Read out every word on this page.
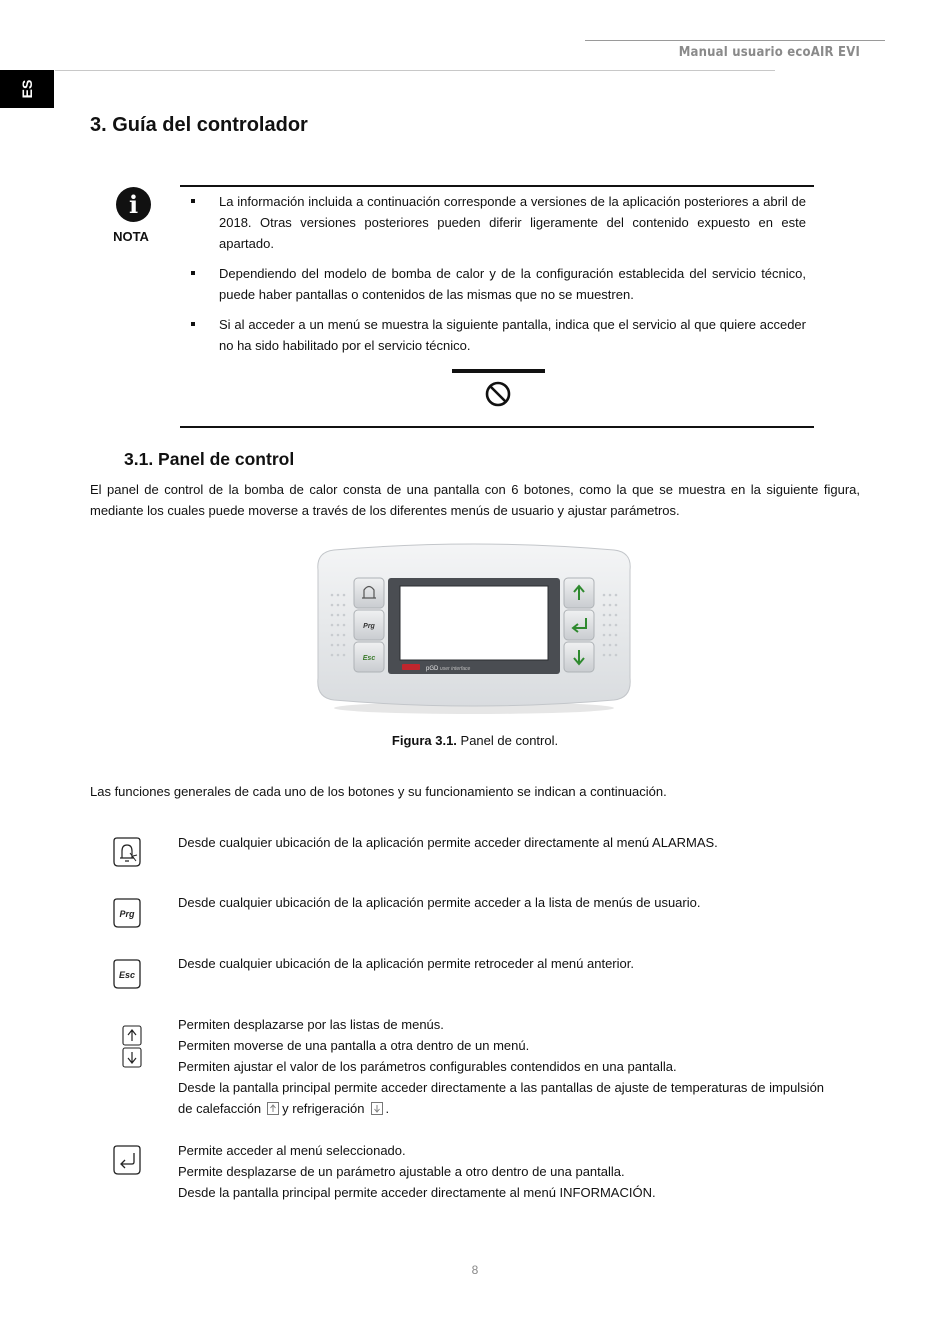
Manual usuario ecoAIR EVI
ES
3. Guía del controlador
i
NOTA
La información incluida a continuación corresponde a versiones de la aplicación posteriores a abril de 2018. Otras versiones posteriores pueden diferir ligeramente del contenido expuesto en este apartado.
Dependiendo del modelo de bomba de calor y de la configuración establecida del servicio técnico, puede haber pantallas o contenidos de las mismas que no se muestren.
Si al acceder a un menú se muestra la siguiente pantalla, indica que el servicio al que quiere acceder no ha sido habilitado por el servicio técnico.
3.1. Panel de control

El panel de control de la bomba de calor consta de una pantalla con 6 botones, como la que se muestra en la siguiente figura, mediante los cuales puede moverse a través de los diferentes menús de usuario y ajustar parámetros.

Prg
Esc
pGD user interface
Figura 3.1. Panel de control.

Las funciones generales de cada uno de los botones y su funcionamiento se indican a continuación.

Desde cualquier ubicación de la aplicación permite acceder directamente al menú ALARMAS.
Prg
Desde cualquier ubicación de la aplicación permite acceder a la lista de menús de usuario.
Esc
Desde cualquier ubicación de la aplicación permite retroceder al menú anterior.
Permiten desplazarse por las listas de menús.
Permiten moverse de una pantalla a otra dentro de un menú.
Permiten ajustar el valor de los parámetros configurables contendidos en una pantalla.
Desde la pantalla principal permite acceder directamente a las pantallas de ajuste de temperaturas de impulsión
de calefacción y refrigeración .
Permite acceder al menú seleccionado.
Permite desplazarse de un parámetro ajustable a otro dentro de una pantalla.
Desde la pantalla principal permite acceder directamente al menú INFORMACIÓN.
8
